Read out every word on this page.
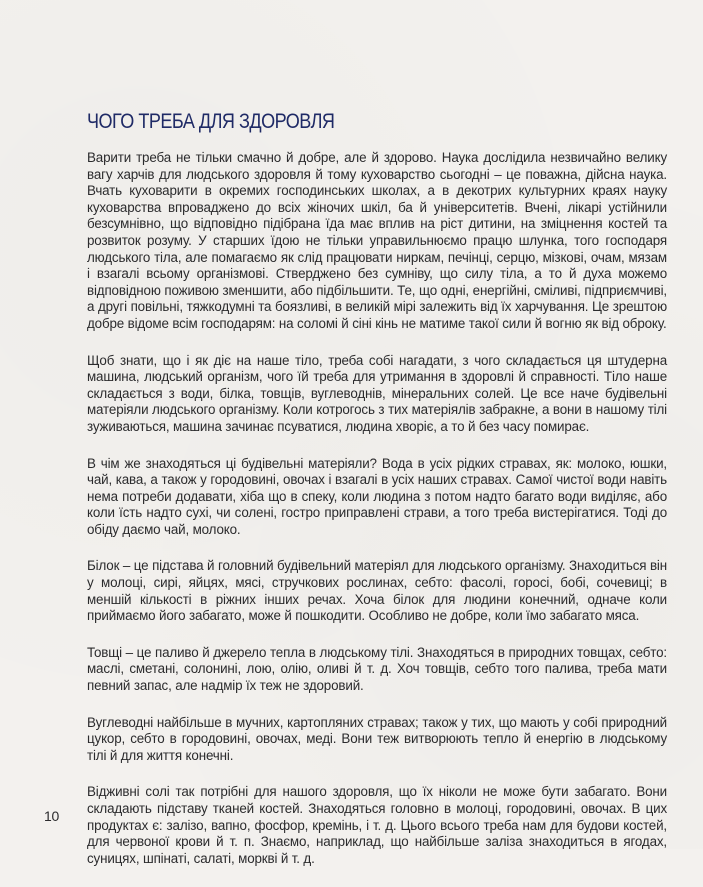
ЧОГО ТРЕБА ДЛЯ ЗДОРОВЛЯ

Варити треба не тільки смачно й добре, але й здорово. Наука дослідила незвичайно велику вагу харчів для людського здоровля й тому куховарство сьогодні – це поважна, дійсна наука. Вчать куховарити в окремих господинських школах, а в декотрих культурних краях науку куховарства впроваджено до всіх жіночих шкіл, ба й університетів. Вчені, лікарі устійнили безсумнівно, що відповідно підібрана їда має вплив на ріст дитини, на зміцнення костей та розвиток розуму. У старших їдою не тільки управильнюємо працю шлунка, того господаря людського тіла, але помагаємо як слід працювати ниркам, печінці, серцю, мізкові, очам, мязам і взагалі всьому організмові. Стверджено без сумніву, що силу тіла, а то й духа можемо відповідною поживою зменшити, або підбільшити. Те, що одні, енергійні, сміливі, підприємчиві, а другі повільні, тяжкодумні та боязливі, в великій мірі залежить від їх харчування. Це зрештою добре відоме всім господарям: на соломі й сіні кінь не матиме такої сили й вогню як від оброку.

Щоб знати, що і як діє на наше тіло, треба собі нагадати, з чого складається ця штудерна машина, людський організм, чого їй треба для утримання в здоровлі й справності. Тіло наше складається з води, білка, товщів, вуглеводнів, мінеральних солей. Це все наче будівельні матеріяли людського організму. Коли котрогось з тих матеріялів забракне, а вони в нашому тілі зуживаються, машина зачинає псуватися, людина хворіє, а то й без часу помирає.

В чім же знаходяться ці будівельні матеріяли? Вода в усіх рідких стравах, як: молоко, юшки, чай, кава, а також у городовині, овочах і взагалі в усіх наших стравах. Самої чистої води навіть нема потреби додавати, хіба що в спеку, коли людина з потом надто багато води виділяє, або коли їсть надто сухі, чи солені, гостро приправлені страви, а того треба вистерігатися. Тоді до обіду даємо чай, молоко.

Білок – це підстава й головний будівельний матеріял для людського організму. Знаходиться він у молоці, сирі, яйцях, мясі, стручкових рослинах, себто: фасолі, горосі, бобі, сочевиці; в меншій кількості в ріжних інших речах. Хоча білок для людини конечний, одначе коли приймаємо його забагато, може й пошкодити. Особливо не добре, коли їмо забагато мяса.

Товщі – це паливо й джерело тепла в людському тілі. Знаходяться в природних товщах, себто: маслі, сметані, солонині, лою, олію, оливі й т. д. Хоч товщів, себто того палива, треба мати певний запас, але надмір їх теж не здоровий.

Вуглеводні найбільше в мучних, картопляних стравах; також у тих, що мають у собі природний цукор, себто в городовині, овочах, меді. Вони теж витворюють тепло й енергію в людському тілі й для життя конечні.

Відживні солі так потрібні для нашого здоровля, що їх ніколи не може бути забагато. Вони складають підставу тканей костей. Знаходяться головно в молоці, городовині, овочах. В цих продуктах є: залізо, вапно, фосфор, кремінь, і т. д. Цього всього треба нам для будови костей, для червоної крови й т. п. Знаємо, наприклад, що найбільше заліза знаходиться в ягодах, суницях, шпінаті, салаті, моркві й т. д.

10
